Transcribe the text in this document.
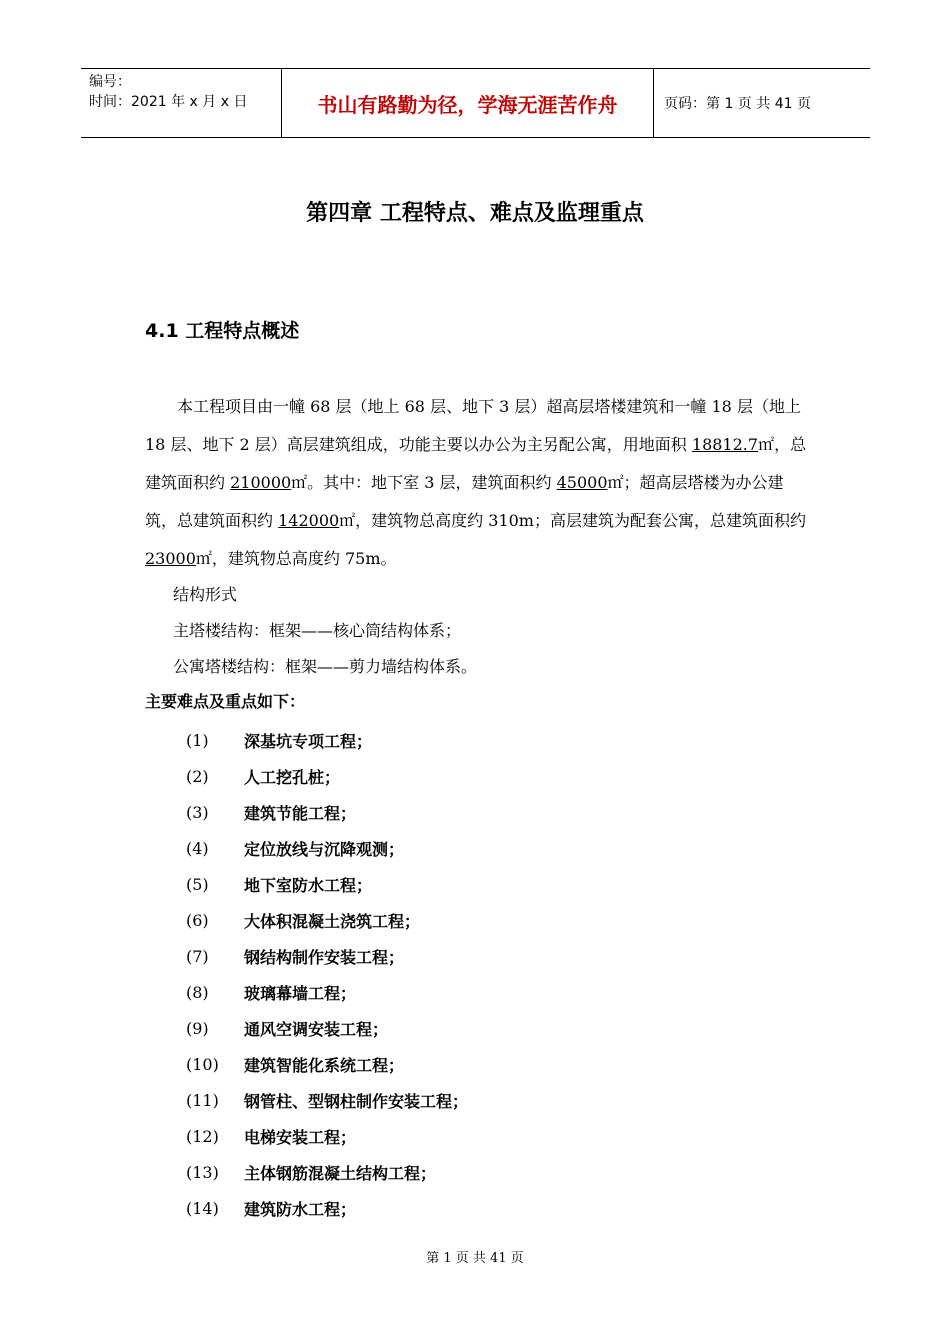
编号：
时间：2021 年 x 月 x 日	书山有路勤为径，学海无涯苦作舟	页码：第 1 页 共 41 页
第四章 工程特点、难点及监理重点
4.1 工程特点概述
本工程项目由一幢 68 层（地上 68 层、地下 3 层）超高层塔楼建筑和一幢 18 层（地上 18 层、地下 2 层）高层建筑组成，功能主要以办公为主另配公寓，用地面积 18812.7㎡，总建筑面积约 210000㎡。其中：地下室 3 层，建筑面积约 45000㎡；超高层塔楼为办公建筑，总建筑面积约 142000㎡，建筑物总高度约 310m；高层建筑为配套公寓，总建筑面积约 23000㎡，建筑物总高度约 75m。
结构形式
主塔楼结构：框架——核心筒结构体系；
公寓塔楼结构：框架——剪力墙结构体系。
主要难点及重点如下：
(1)	深基坑专项工程；
(2)	人工挖孔桩；
(3)	建筑节能工程；
(4)	定位放线与沉降观测；
(5)	地下室防水工程；
(6)	大体积混凝土浇筑工程；
(7)	钢结构制作安装工程；
(8)	玻璃幕墙工程；
(9)	通风空调安装工程；
(10)	建筑智能化系统工程；
(11)	钢管柱、型钢柱制作安装工程；
(12)	电梯安装工程；
(13)	主体钢筋混凝土结构工程；
(14)	建筑防水工程；
第 1 页 共 41 页
